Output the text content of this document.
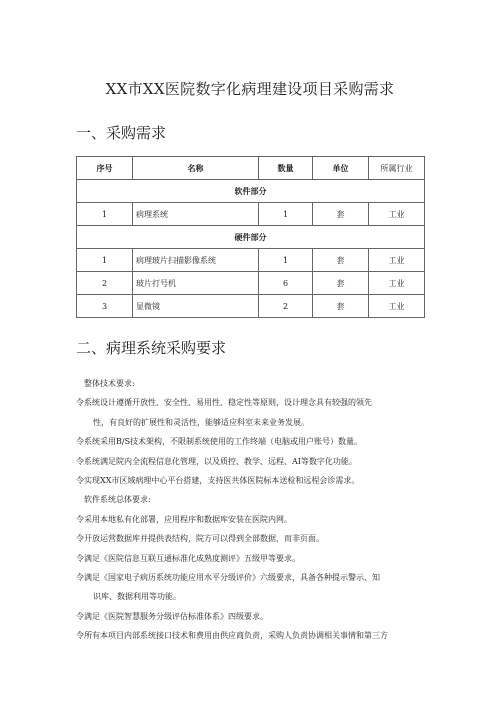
XX市XX医院数字化病理建设项目采购需求
一、采购需求
序号	名称	数量	单位	所属行业
软件部分				
1	病理系统	1	套	工业
硬件部分				
1	病理玻片扫描影像系统	1	套	工业
2	玻片打号机	6	套	工业
3	显微镜	2	套	工业
二、病理系统采购要求

整体技术要求:

令系统设计遵循开放性、安全性、易用性、稳定性等原则，设计理念具有较强的领先

性，有良好的扩展性和灵活性，能够适应科室未来业务发展。

令系统采用B/S技术架构，不限制系统使用的工作终端（电脑或用户账号）数量。

令系统满足院内全流程信息化管理，以及质控、教学、远程、AI等数字化功能。

令实现XX市区域病理中心平台搭建，支持医共体医院标本送检和远程会诊需求。

软件系统总体要求:

令采用本地私有化部署，应用程序和数据库安装在医院内网。

令开放运营数据库并提供表结构，院方可以得到全部数据，而非页面。

令满足《医院信息互联互通标准化成熟度测评》五级甲等要求。

令满足《国家电子病历系统功能应用水平分级评价》六级要求，具备各种提示警示、知

识库、数据利用等功能。

令满足《医院智慧服务分级评估标准体系》四级要求。

令所有本项目内部系统接口技术和费用由供应商负责，采购人负责协调相关事情和第三方
